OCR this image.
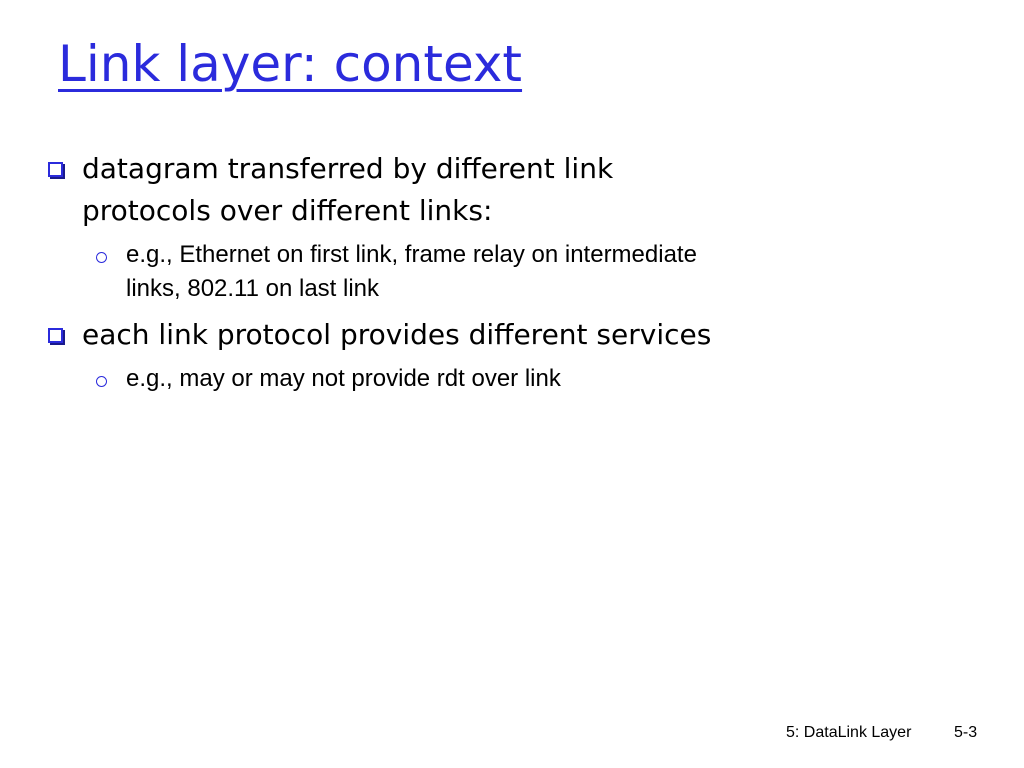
Link layer: context
datagram transferred by different link protocols over different links:
e.g., Ethernet on first link, frame relay on intermediate links, 802.11 on last link
each link protocol provides different services
e.g., may or may not provide rdt over link
5: DataLink Layer	5-3
